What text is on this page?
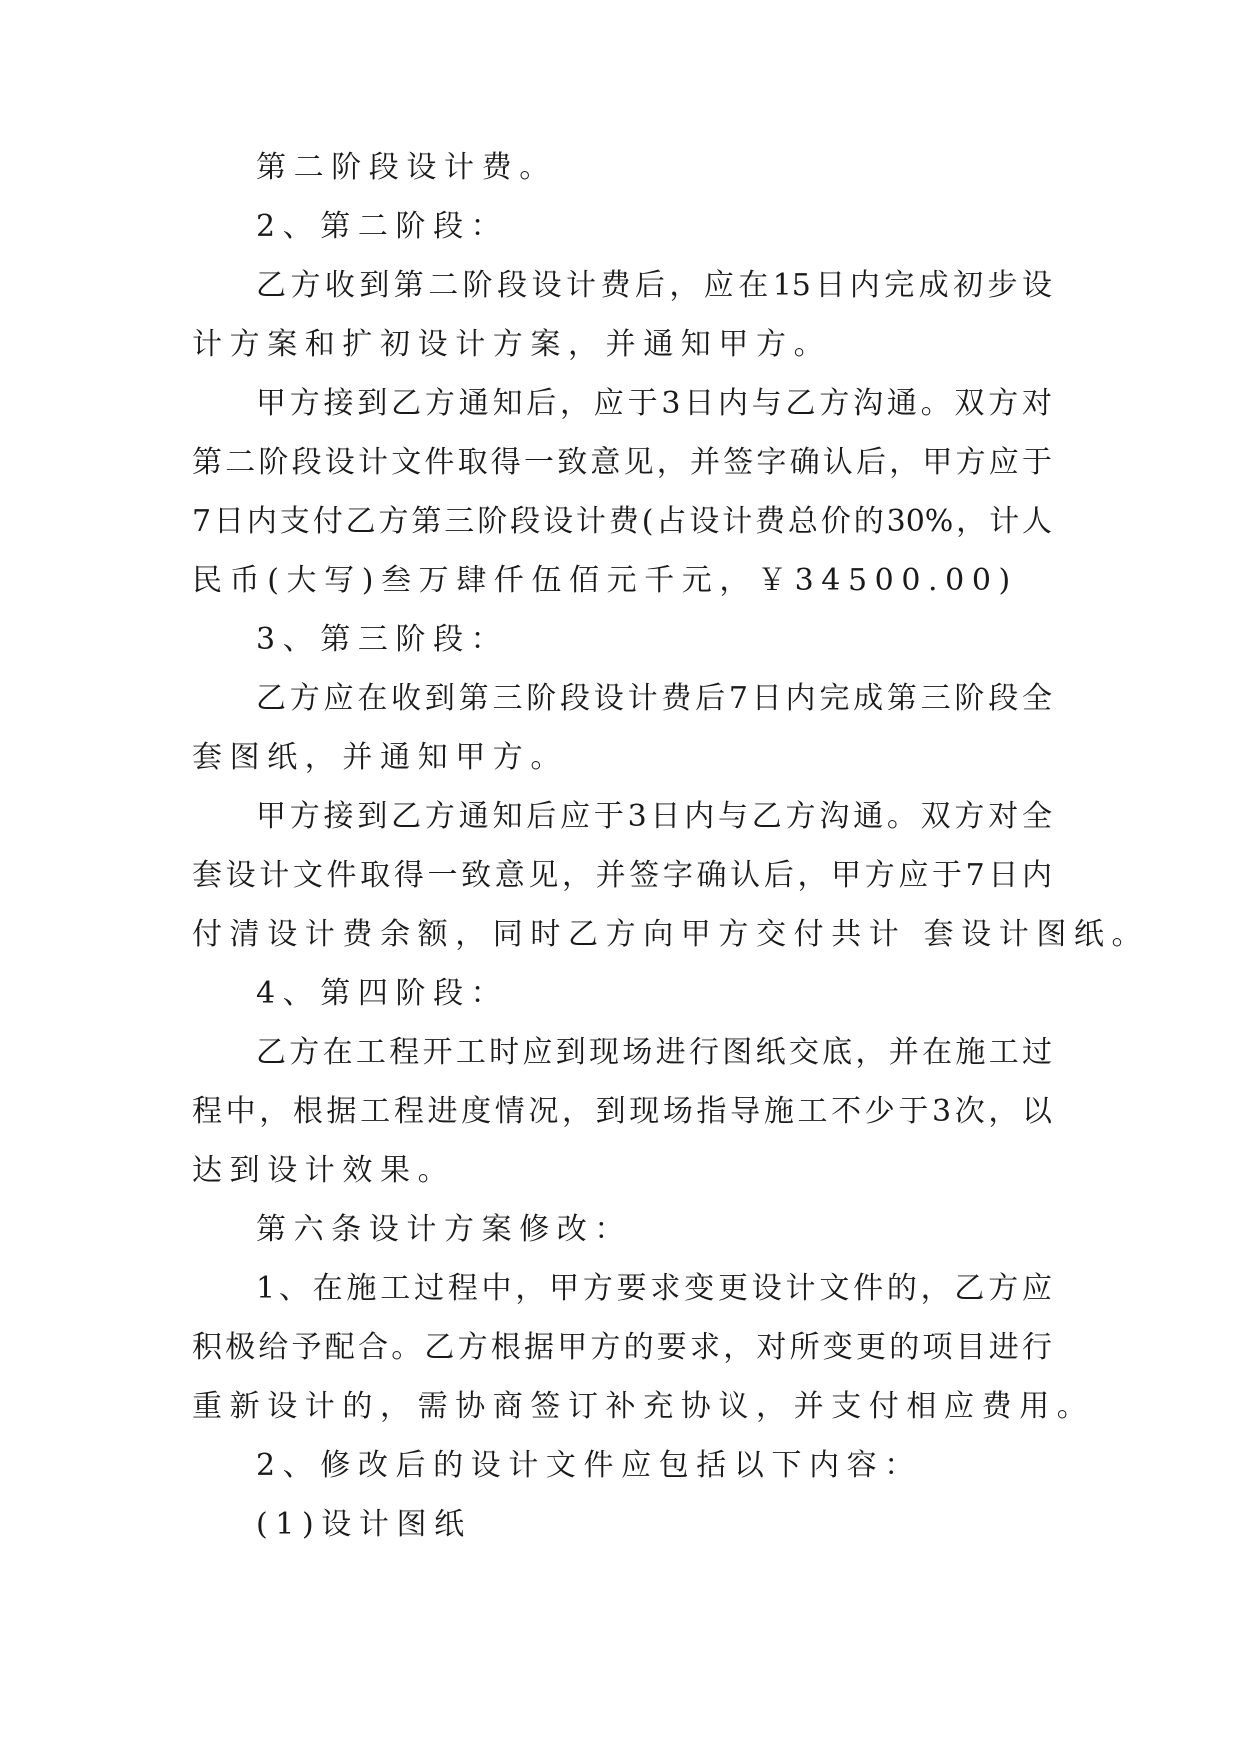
第二阶段设计费。
2、第二阶段：
乙方收到第二阶段设计费后，应在15日内完成初步设
计方案和扩初设计方案，并通知甲方。
甲方接到乙方通知后，应于3日内与乙方沟通。双方对
第二阶段设计文件取得一致意见，并签字确认后，甲方应于
7日内支付乙方第三阶段设计费(占设计费总价的30%，计人
民币(大写)叁万肆仟伍佰元千元，￥34500.00)
3、第三阶段：
乙方应在收到第三阶段设计费后7日内完成第三阶段全
套图纸，并通知甲方。
甲方接到乙方通知后应于3日内与乙方沟通。双方对全
套设计文件取得一致意见，并签字确认后，甲方应于7日内
付清设计费余额，同时乙方向甲方交付共计 套设计图纸。
4、第四阶段：
乙方在工程开工时应到现场进行图纸交底，并在施工过
程中，根据工程进度情况，到现场指导施工不少于3次，以
达到设计效果。
第六条设计方案修改：
1、在施工过程中，甲方要求变更设计文件的，乙方应
积极给予配合。乙方根据甲方的要求，对所变更的项目进行
重新设计的，需协商签订补充协议，并支付相应费用。
2、修改后的设计文件应包括以下内容：
(1)设计图纸
